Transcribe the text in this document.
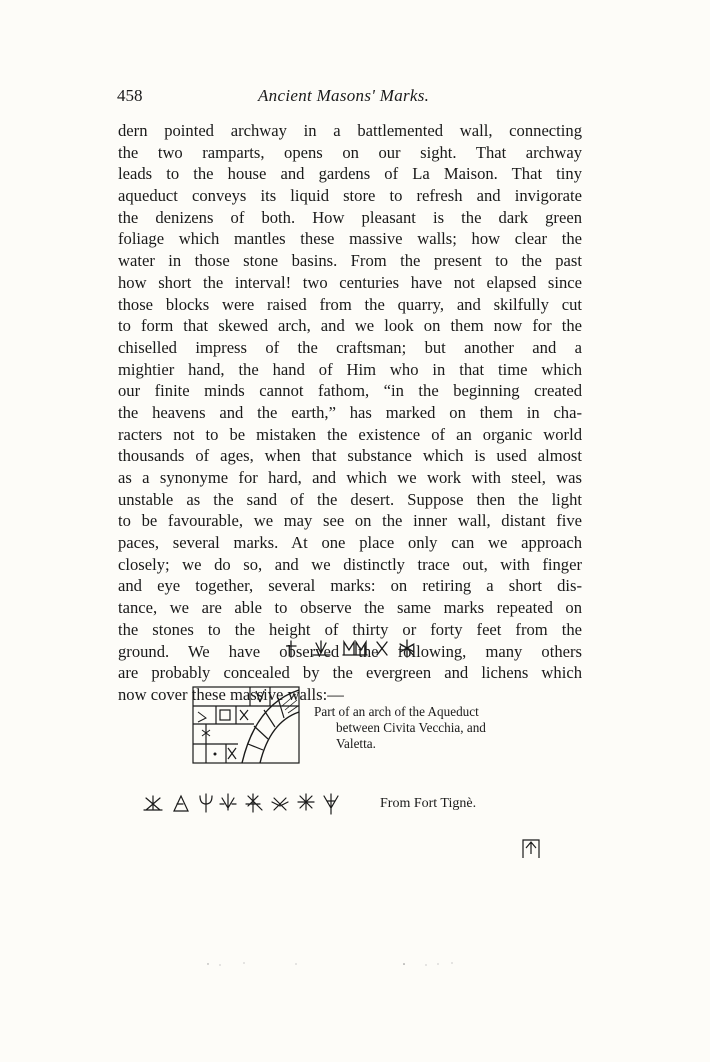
458	Ancient Masons' Marks.
dern pointed archway in a battlemented wall, connecting
the two ramparts, opens on our sight. That archway
leads to the house and gardens of La Maison. That tiny
aqueduct conveys its liquid store to refresh and invigorate
the denizens of both. How pleasant is the dark green
foliage which mantles these massive walls; how clear the
water in those stone basins. From the present to the past
how short the interval! two centuries have not elapsed since
those blocks were raised from the quarry, and skilfully cut
to form that skewed arch, and we look on them now for the
chiselled impress of the craftsman; but another and a
mightier hand, the hand of Him who in that time which
our finite minds cannot fathom, “in the beginning created
the heavens and the earth,” has marked on them in cha-
racters not to be mistaken the existence of an organic world
thousands of ages, when that substance which is used almost
as a synonyme for hard, and which we work with steel, was
unstable as the sand of the desert. Suppose then the light
to be favourable, we may see on the inner wall, distant five
paces, several marks. At one place only can we approach
closely; we do so, and we distinctly trace out, with finger
and eye together, several marks: on retiring a short dis-
tance, we are able to observe the same marks repeated on
the stones to the height of thirty or forty feet from the
ground. We have observed the following, many others
are probably concealed by the evergreen and lichens which
now cover these massive walls:—
Part of an arch of the Aqueduct
between Civita Vecchia, and
Valetta.
From Fort Tignè.
